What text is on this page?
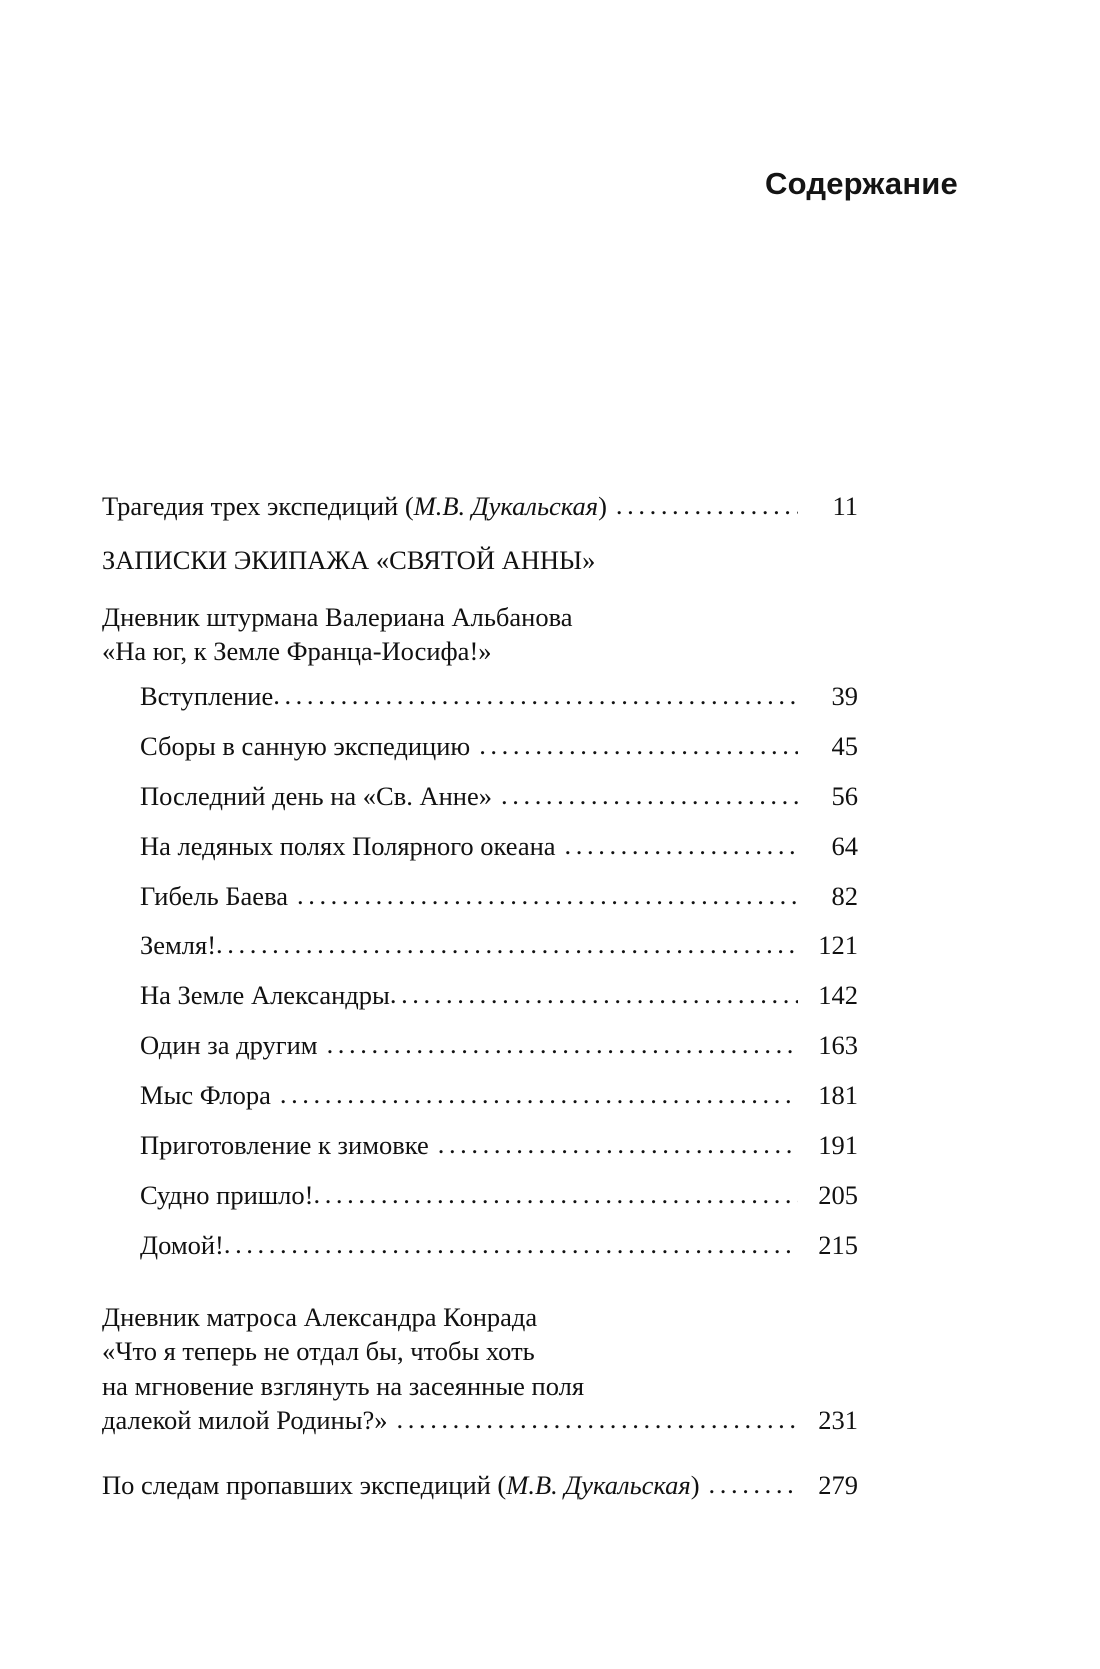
Содержание
Трагедия трех экспедиций (М.В. Дукальская) .....	11
ЗАПИСКИ ЭКИПАЖА «СВЯТОЙ АННЫ»
Дневник штурмана Валериана Альбанова
«На юг, к Земле Франца-Иосифа!»
Вступление .....	39
Сборы в санную экспедицию .....	45
Последний день на «Св. Анне» .....	56
На ледяных полях Полярного океана .....	64
Гибель Баева .....	82
Земля! .....	121
На Земле Александры .....	142
Один за другим .....	163
Мыс Флора .....	181
Приготовление к зимовке .....	191
Судно пришло! .....	205
Домой! .....	215
Дневник матроса Александра Конрада
«Что я теперь не отдал бы, чтобы хоть
на мгновение взглянуть на засеянные поля
далекой милой Родины?» .....	231
По следам пропавших экспедиций (М.В. Дукальская) .....	279
